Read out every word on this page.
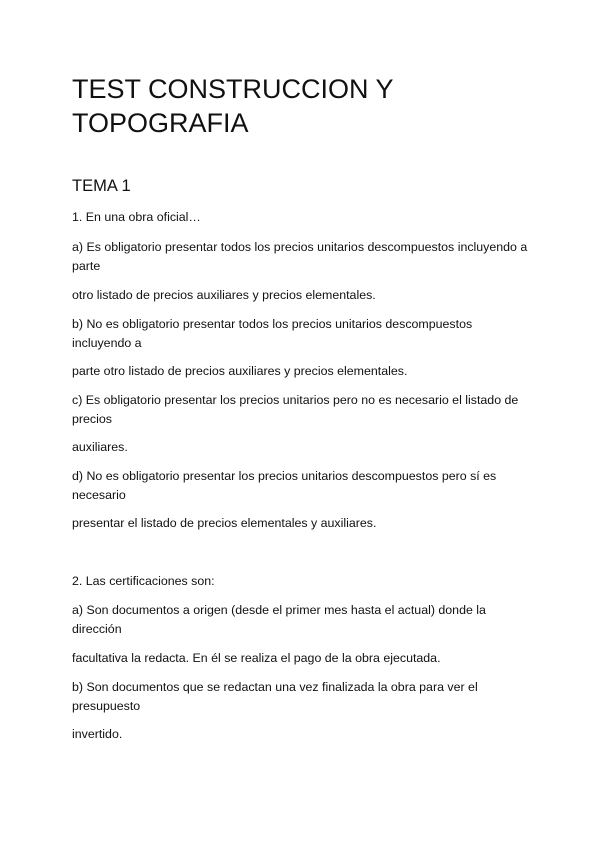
TEST CONSTRUCCION Y TOPOGRAFIA
TEMA 1

1. En una obra oficial…

a) Es obligatorio presentar todos los precios unitarios descompuestos incluyendo a parte

otro listado de precios auxiliares y precios elementales.

b) No es obligatorio presentar todos los precios unitarios descompuestos incluyendo a

parte otro listado de precios auxiliares y precios elementales.

c) Es obligatorio presentar los precios unitarios pero no es necesario el listado de precios

auxiliares.

d) No es obligatorio presentar los precios unitarios descompuestos pero sí es necesario

presentar el listado de precios elementales y auxiliares.

2. Las certificaciones son:

a) Son documentos a origen (desde el primer mes hasta el actual) donde la dirección

facultativa la redacta. En él se realiza el pago de la obra ejecutada.

b) Son documentos que se redactan una vez finalizada la obra para ver el presupuesto

invertido.
